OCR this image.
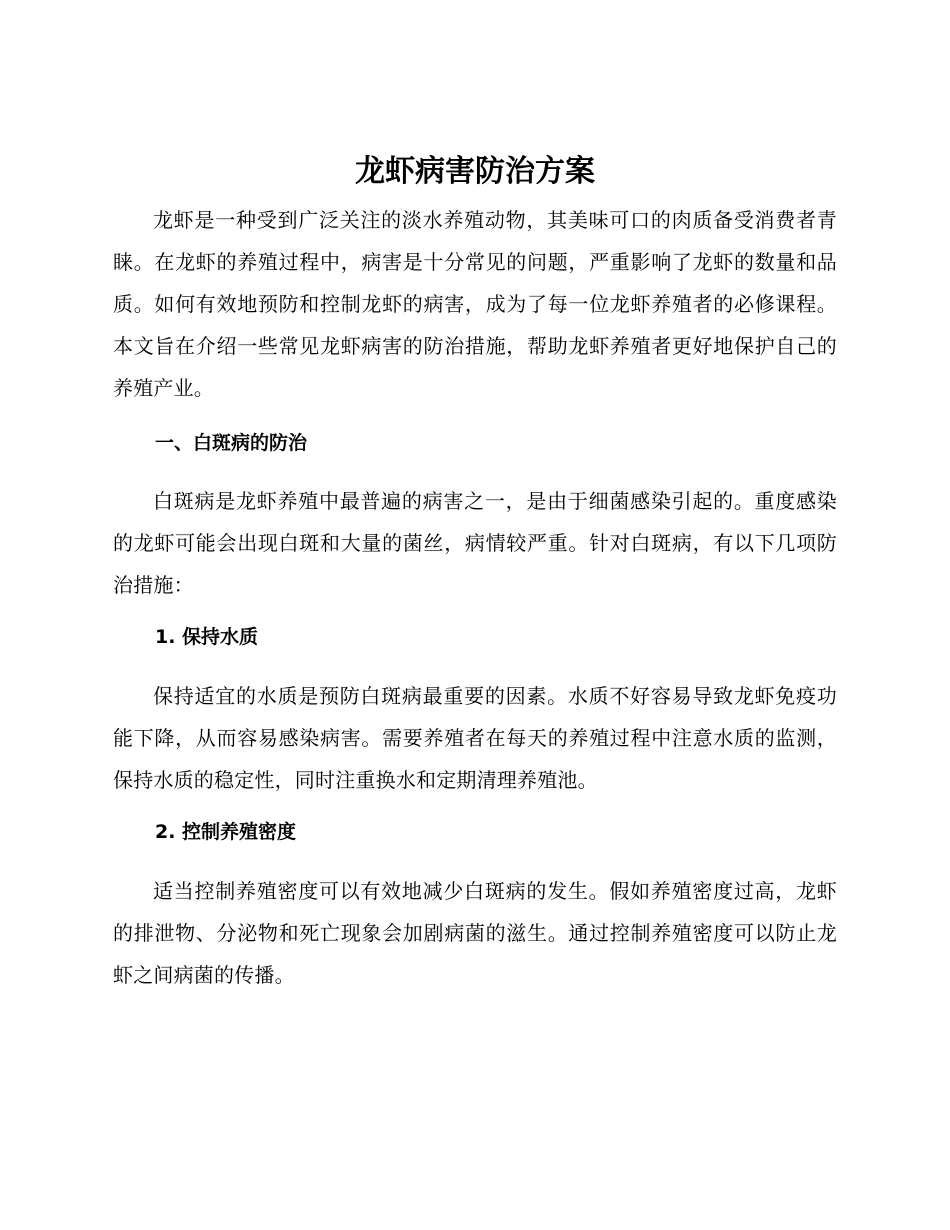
龙虾病害防治方案

龙虾是一种受到广泛关注的淡水养殖动物，其美味可口的肉质备受消费者青睐。在龙虾的养殖过程中，病害是十分常见的问题，严重影响了龙虾的数量和品质。如何有效地预防和控制龙虾的病害，成为了每一位龙虾养殖者的必修课程。本文旨在介绍一些常见龙虾病害的防治措施，帮助龙虾养殖者更好地保护自己的养殖产业。

一、白斑病的防治

白斑病是龙虾养殖中最普遍的病害之一，是由于细菌感染引起的。重度感染的龙虾可能会出现白斑和大量的菌丝，病情较严重。针对白斑病，有以下几项防治措施：

1. 保持水质

保持适宜的水质是预防白斑病最重要的因素。水质不好容易导致龙虾免疫功能下降，从而容易感染病害。需要养殖者在每天的养殖过程中注意水质的监测，保持水质的稳定性，同时注重换水和定期清理养殖池。

2. 控制养殖密度

适当控制养殖密度可以有效地减少白斑病的发生。假如养殖密度过高，龙虾的排泄物、分泌物和死亡现象会加剧病菌的滋生。通过控制养殖密度可以防止龙虾之间病菌的传播。
